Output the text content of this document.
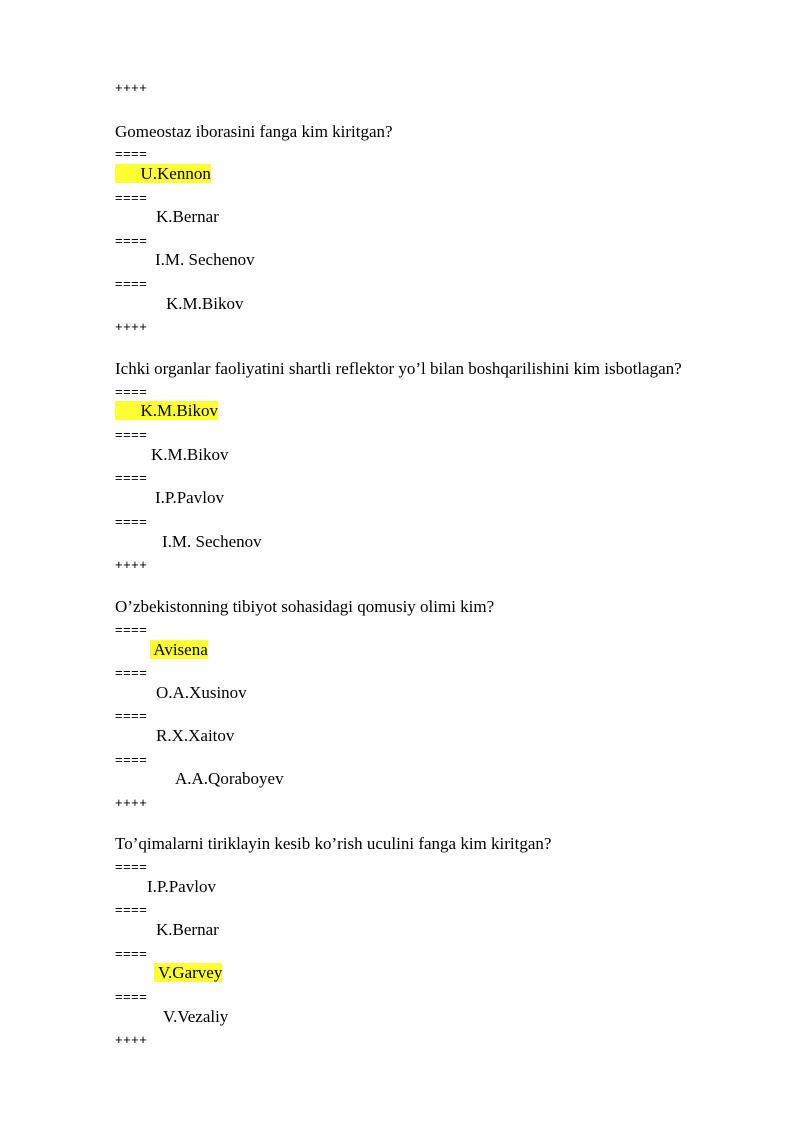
++++
Gomeostaz iborasini fanga kim kiritgan?
====
U.Kennon
====
K.Bernar
====
I.M. Sechenov
====
K.M.Bikov
++++
Ichki organlar faoliyatini shartli reflektor yo’l bilan boshqarilishini kim isbotlagan?
====
K.M.Bikov
====
K.M.Bikov
====
I.P.Pavlov
====
I.M. Sechenov
++++
O’zbekistonning tibiyot sohasidagi qomusiy olimi kim?
====
Avisena
====
O.A.Xusinov
====
R.X.Xaitov
====
A.A.Qoraboyev
++++
To’qimalarni tiriklayin kesib ko’rish uculini fanga kim kiritgan?
====
I.P.Pavlov
====
K.Bernar
====
V.Garvey
====
V.Vezaliy
++++
